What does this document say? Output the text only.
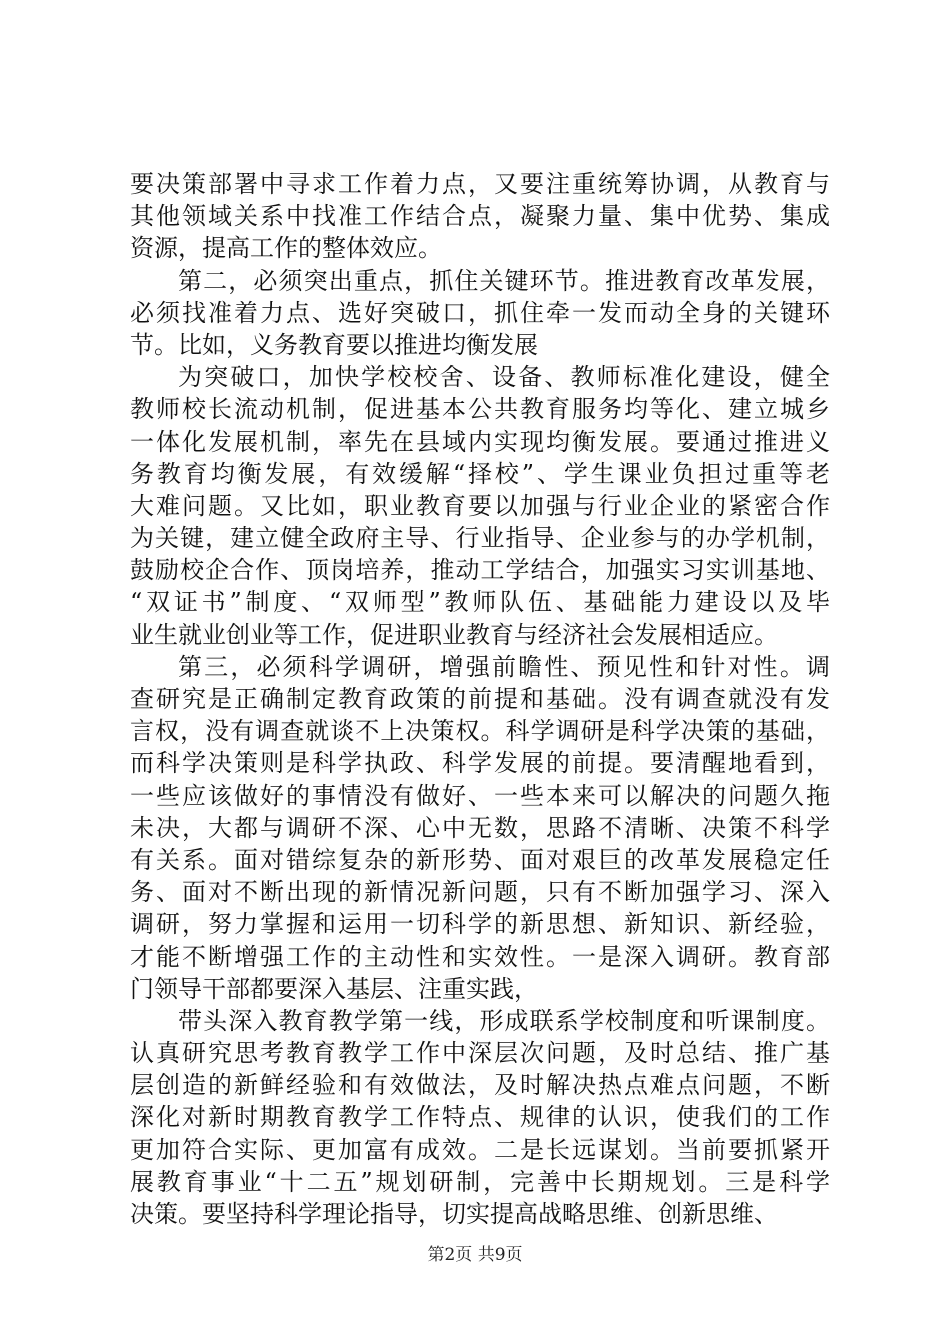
要决策部署中寻求工作着力点，又要注重统筹协调，从教育与
其他领域关系中找准工作结合点，凝聚力量、集中优势、集成
资源，提高工作的整体效应。
第二，必须突出重点，抓住关键环节。推进教育改革发展，
必须找准着力点、选好突破口，抓住牵一发而动全身的关键环
节。比如，义务教育要以推进均衡发展
为突破口，加快学校校舍、设备、教师标准化建设，健全
教师校长流动机制，促进基本公共教育服务均等化、建立城乡
一体化发展机制，率先在县域内实现均衡发展。要通过推进义
务教育均衡发展，有效缓解“择校”、学生课业负担过重等老
大难问题。又比如，职业教育要以加强与行业企业的紧密合作
为关键，建立健全政府主导、行业指导、企业参与的办学机制，
鼓励校企合作、顶岗培养，推动工学结合，加强实习实训基地、
“双证书”制度、“双师型”教师队伍、基础能力建设以及毕
业生就业创业等工作，促进职业教育与经济社会发展相适应。
第三，必须科学调研，增强前瞻性、预见性和针对性。调
查研究是正确制定教育政策的前提和基础。没有调查就没有发
言权，没有调查就谈不上决策权。科学调研是科学决策的基础，
而科学决策则是科学执政、科学发展的前提。要清醒地看到，
一些应该做好的事情没有做好、一些本来可以解决的问题久拖
未决，大都与调研不深、心中无数，思路不清晰、决策不科学
有关系。面对错综复杂的新形势、面对艰巨的改革发展稳定任
务、面对不断出现的新情况新问题，只有不断加强学习、深入
调研，努力掌握和运用一切科学的新思想、新知识、新经验，
才能不断增强工作的主动性和实效性。一是深入调研。教育部
门领导干部都要深入基层、注重实践，
带头深入教育教学第一线，形成联系学校制度和听课制度。
认真研究思考教育教学工作中深层次问题，及时总结、推广基
层创造的新鲜经验和有效做法，及时解决热点难点问题，不断
深化对新时期教育教学工作特点、规律的认识，使我们的工作
更加符合实际、更加富有成效。二是长远谋划。当前要抓紧开
展教育事业“十二五”规划研制，完善中长期规划。三是科学
决策。要坚持科学理论指导，切实提高战略思维、创新思维、
第2页 共9页
